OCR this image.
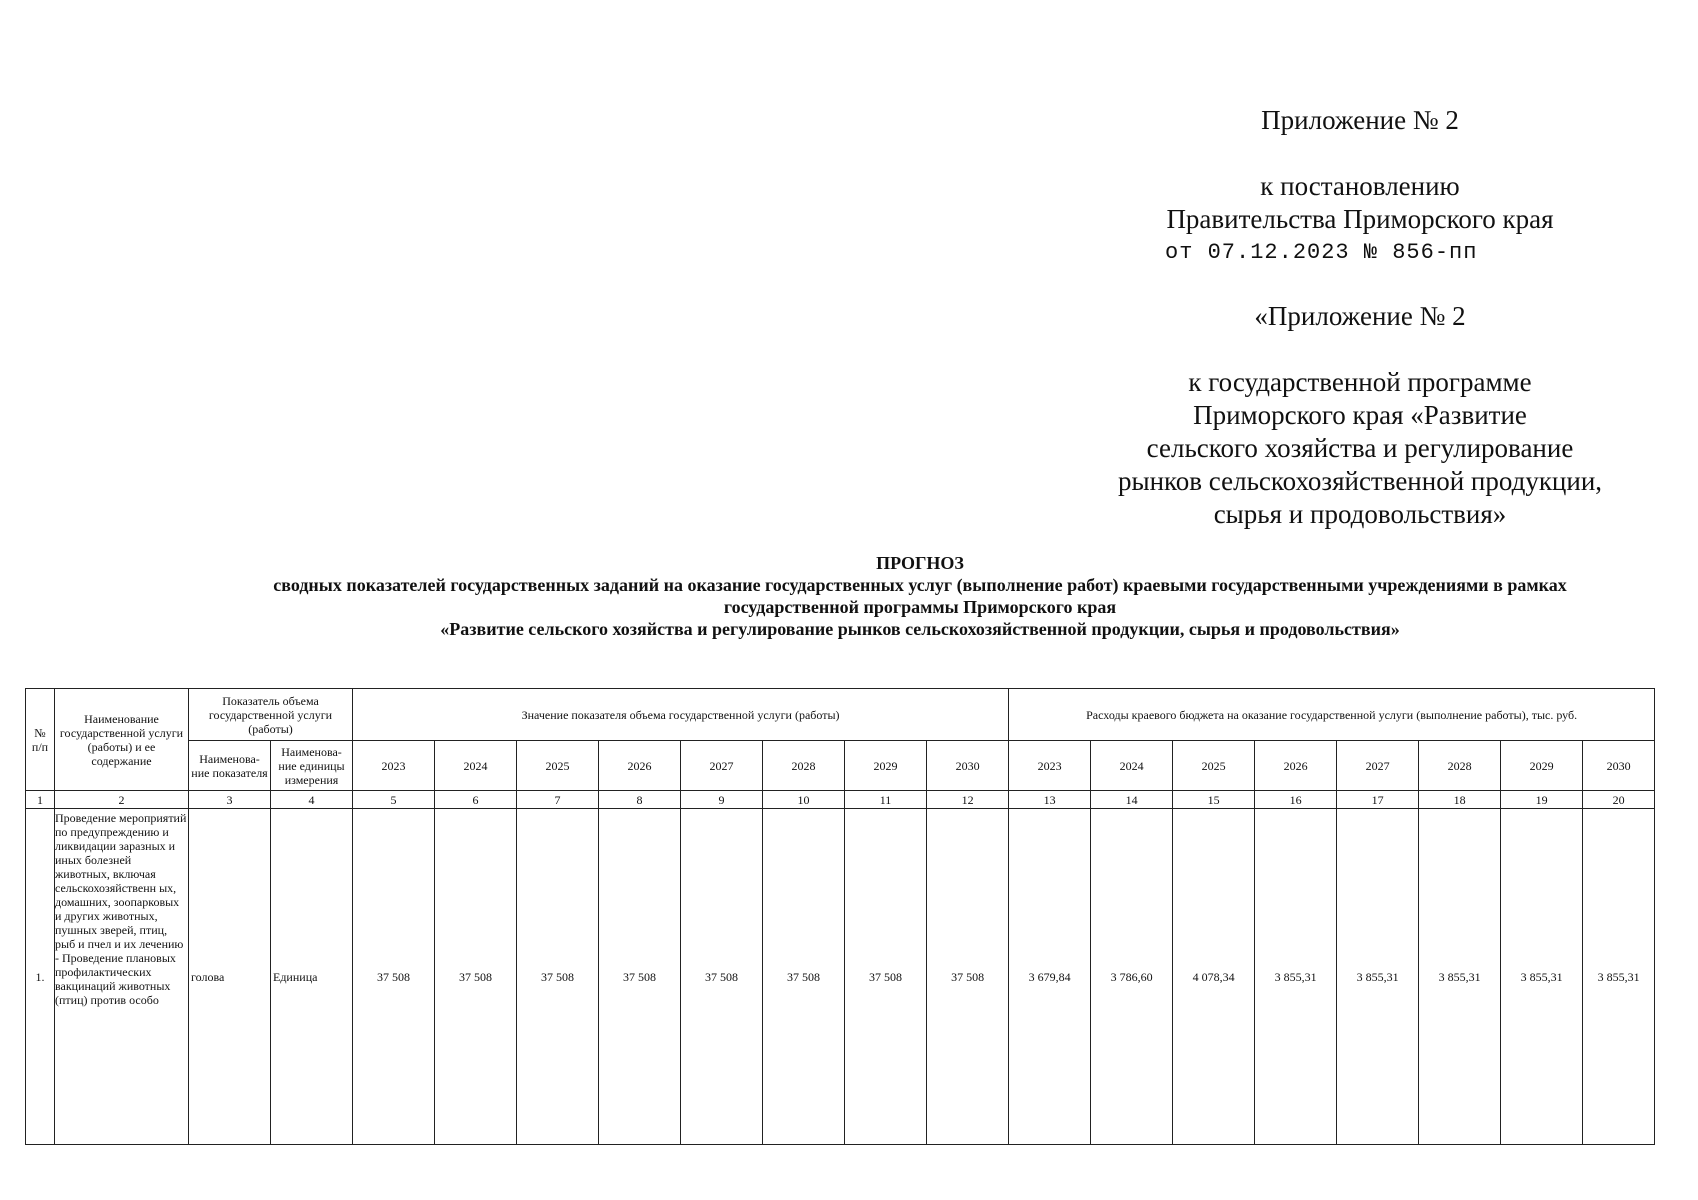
Приложение № 2
к постановлению
Правительства Приморского края
от 07.12.2023 № 856-пп
«Приложение № 2
к государственной программе
Приморского края «Развитие
сельского хозяйства и регулирование
рынков сельскохозяйственной продукции,
сырья и продовольствия»
ПРОГНОЗ
сводных показателей государственных заданий на оказание государственных услуг (выполнение работ) краевыми государственными учреждениями в рамках
государственной программы Приморского края
«Развитие сельского хозяйства и регулирование рынков сельскохозяйственной продукции, сырья и продовольствия»
№ п/п	Наименование государственной услуги (работы) и ее содержание	Показатель объема государственной услуги (работы)		Значение показателя объема государственной услуги (работы)								Расходы краевого бюджета на оказание государственной услуги (выполнение работы), тыс. руб.							
		Наименова-ние показателя	Наименова-ние единицы измерения	2023	2024	2025	2026	2027	2028	2029	2030	2023	2024	2025	2026	2027	2028	2029	2030
1	2	3	4	5	6	7	8	9	10	11	12	13	14	15	16	17	18	19	20
1.	Проведение мероприятий по предупреждению и ликвидации заразных и иных болезней животных, включая сельскохозяйственн ых, домашних, зоопарковых и других животных, пушных зверей, птиц, рыб и пчел и их лечению - Проведение плановых профилактических вакцинаций животных (птиц) против особо	голова	Единица	37 508	37 508	37 508	37 508	37 508	37 508	37 508	37 508	3 679,84	3 786,60	4 078,34	3 855,31	3 855,31	3 855,31	3 855,31	3 855,31
